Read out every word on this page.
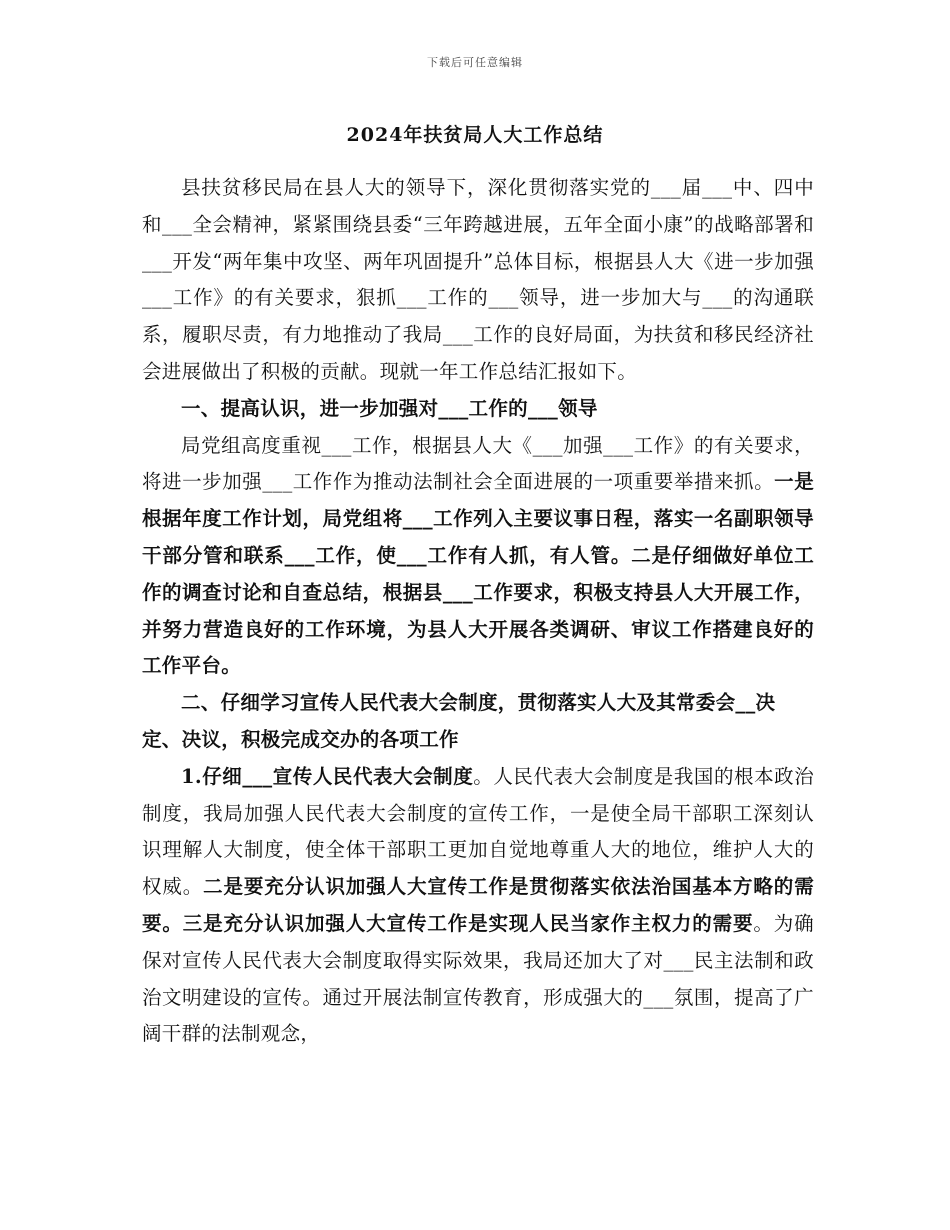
下载后可任意编辑
2024年扶贫局人大工作总结

县扶贫移民局在县人大的领导下，深化贯彻落实党的___届___中、四中和___全会精神，紧紧围绕县委“三年跨越进展，五年全面小康”的战略部署和___开发“两年集中攻坚、两年巩固提升”总体目标，根据县人大《进一步加强___工作》的有关要求，狠抓___工作的___领导，进一步加大与___的沟通联系，履职尽责，有力地推动了我局___工作的良好局面，为扶贫和移民经济社会进展做出了积极的贡献。现就一年工作总结汇报如下。

一、提高认识，进一步加强对___工作的___领导

局党组高度重视___工作，根据县人大《___加强___工作》的有关要求，将进一步加强___工作作为推动法制社会全面进展的一项重要举措来抓。一是根据年度工作计划，局党组将___工作列入主要议事日程，落实一名副职领导干部分管和联系___工作，使___工作有人抓，有人管。二是仔细做好单位工作的调查讨论和自查总结，根据县___工作要求，积极支持县人大开展工作，并努力营造良好的工作环境，为县人大开展各类调研、审议工作搭建良好的工作平台。

二、仔细学习宣传人民代表大会制度，贯彻落实人大及其常委会__决定、决议，积极完成交办的各项工作

1.仔细___宣传人民代表大会制度。人民代表大会制度是我国的根本政治制度，我局加强人民代表大会制度的宣传工作，一是使全局干部职工深刻认识理解人大制度，使全体干部职工更加自觉地尊重人大的地位，维护人大的权威。二是要充分认识加强人大宣传工作是贯彻落实依法治国基本方略的需要。三是充分认识加强人大宣传工作是实现人民当家作主权力的需要。为确保对宣传人民代表大会制度取得实际效果，我局还加大了对___民主法制和政治文明建设的宣传。通过开展法制宣传教育，形成强大的___氛围，提高了广阔干群的法制观念，
